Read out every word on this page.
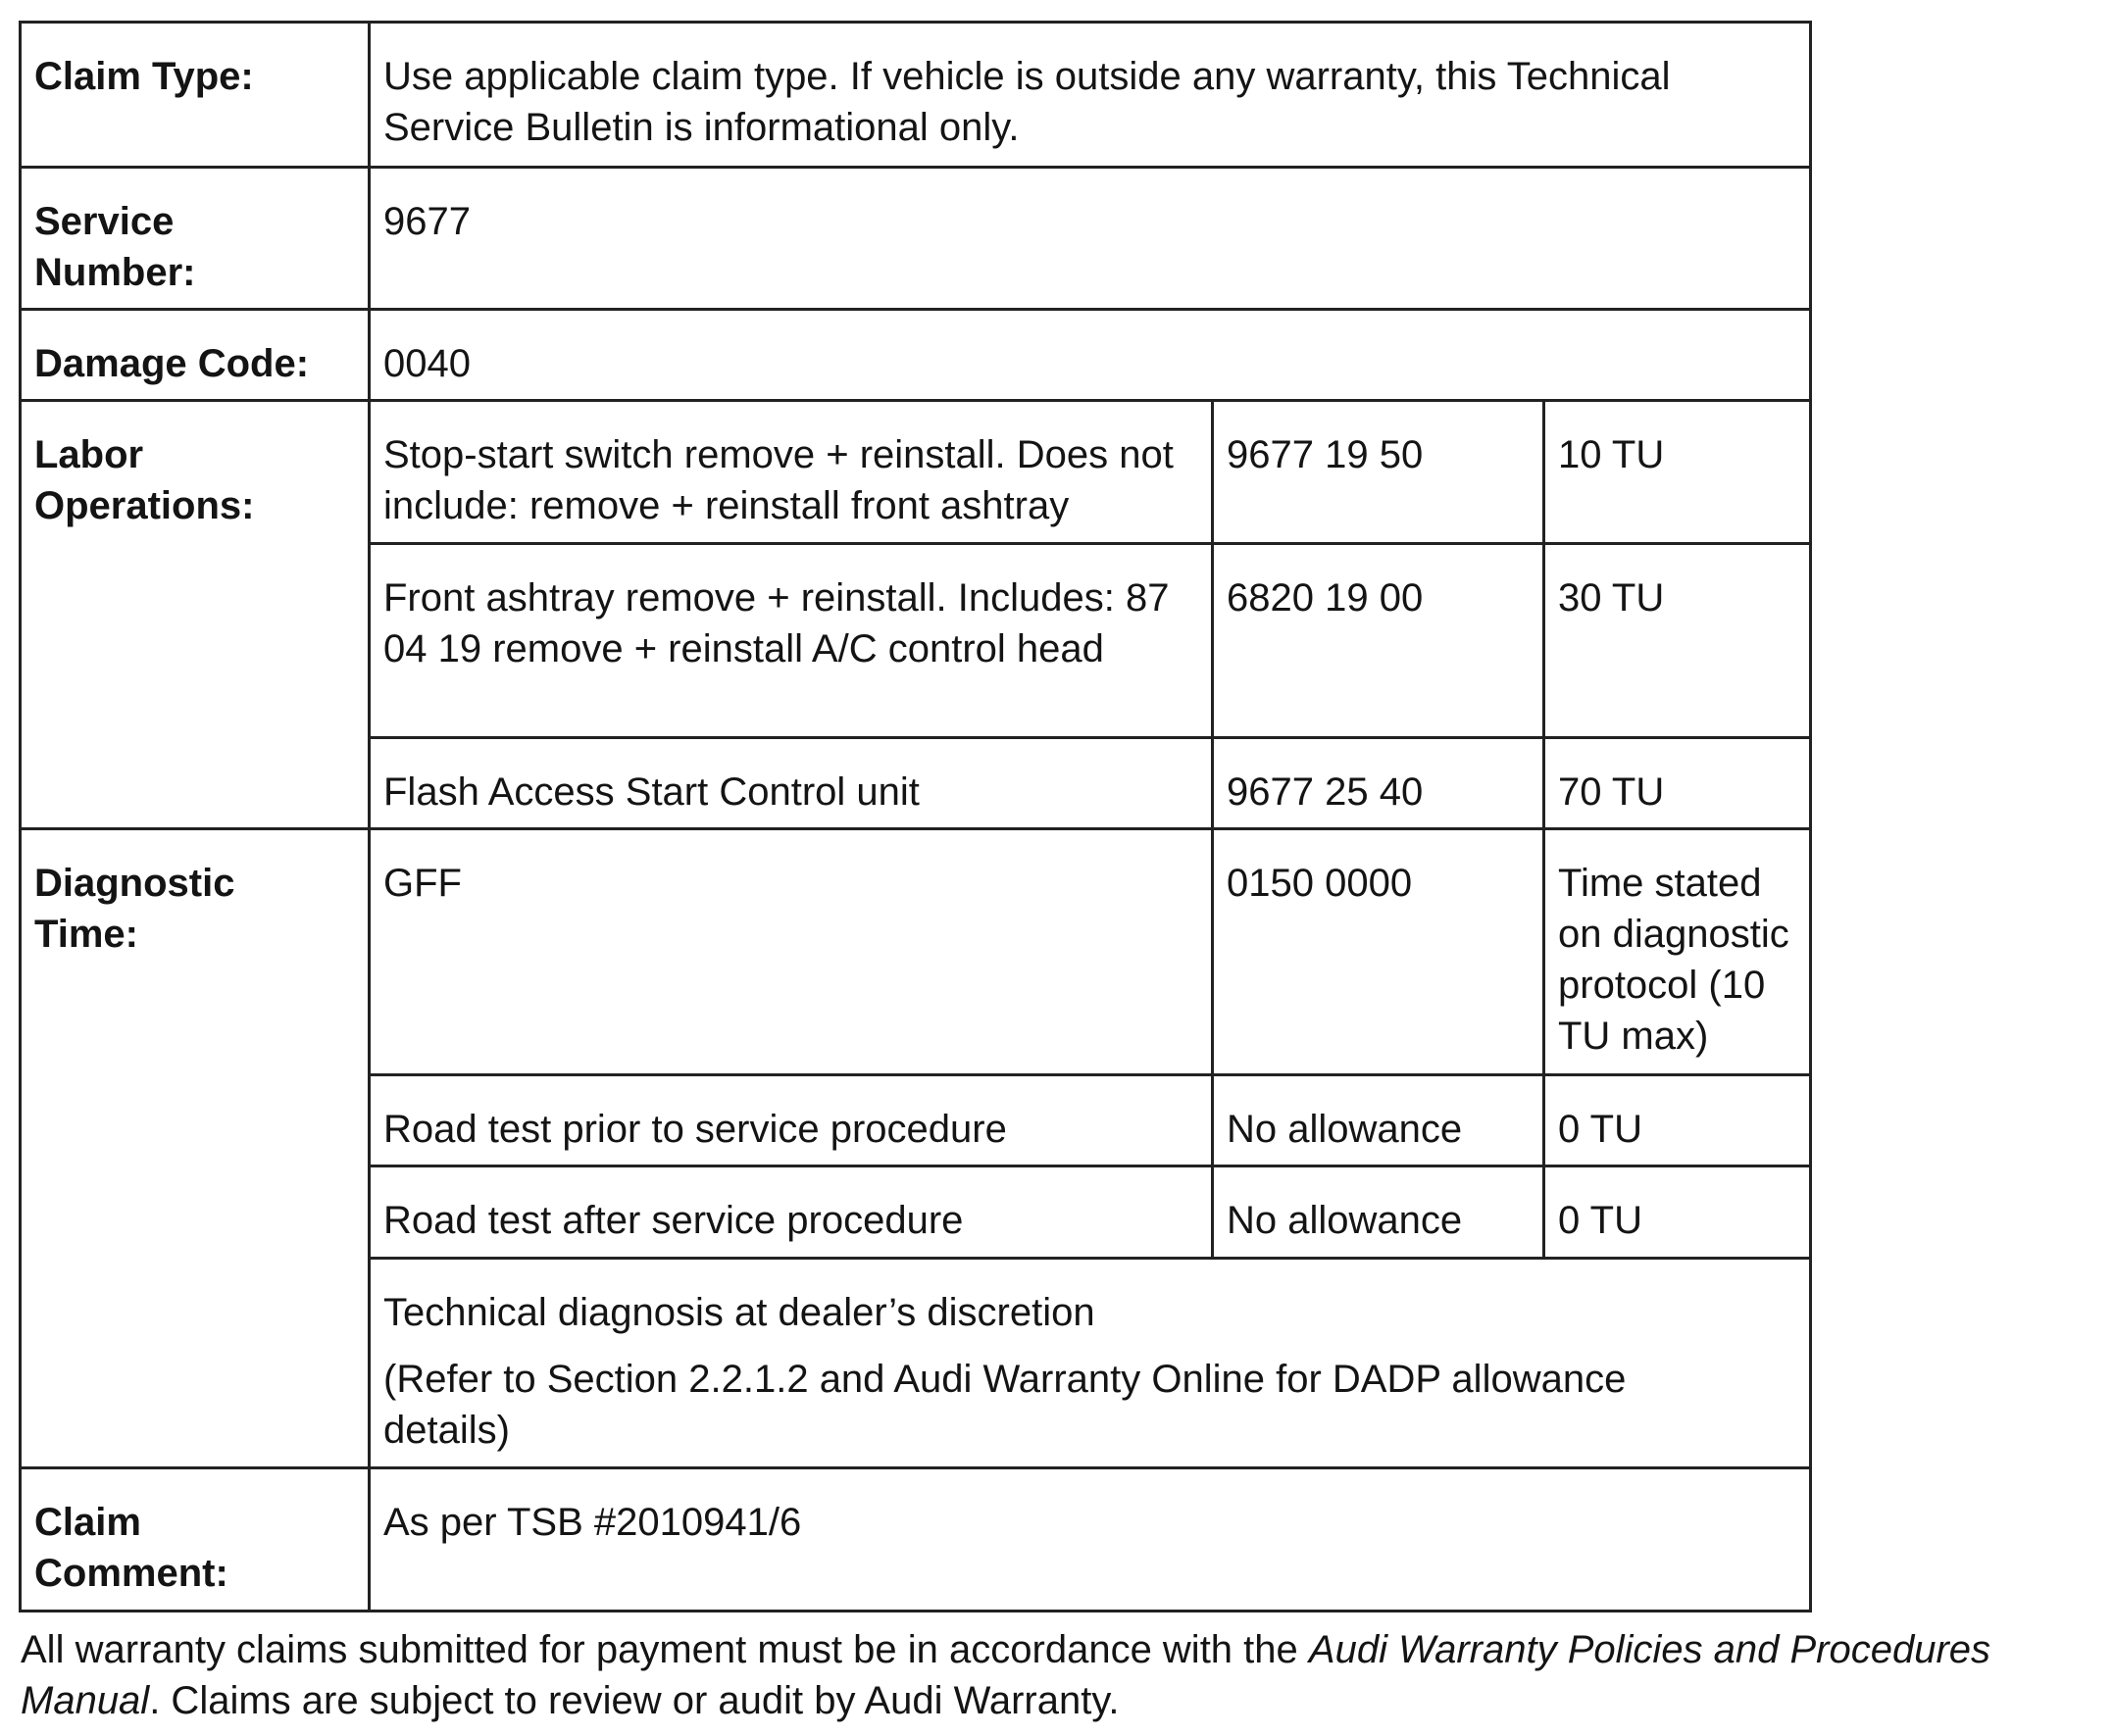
Claim Type:	Use applicable claim type. If vehicle is outside any warranty, this Technical Service Bulletin is informational only.		
Service Number:	9677		
Damage Code:	0040		
Labor Operations:	Stop-start switch remove + reinstall. Does not include: remove + reinstall front ashtray	9677 19 50	10 TU
	Front ashtray remove + reinstall. Includes: 87 04 19 remove + reinstall A/C control head	6820 19 00	30 TU
	Flash Access Start Control unit	9677 25 40	70 TU
Diagnostic Time:	GFF	0150 0000	Time stated on diagnostic protocol (10 TU max)
	Road test prior to service procedure	No allowance	0 TU
	Road test after service procedure	No allowance	0 TU

	Technical diagnosis at dealer’s discretion
(Refer to Section 2.2.1.2 and Audi Warranty Online for DADP allowance details)		

Claim Comment:	As per TSB #2010941/6		

All warranty claims submitted for payment must be in accordance with the Audi Warranty Policies and Procedures Manual. Claims are subject to review or audit by Audi Warranty.
